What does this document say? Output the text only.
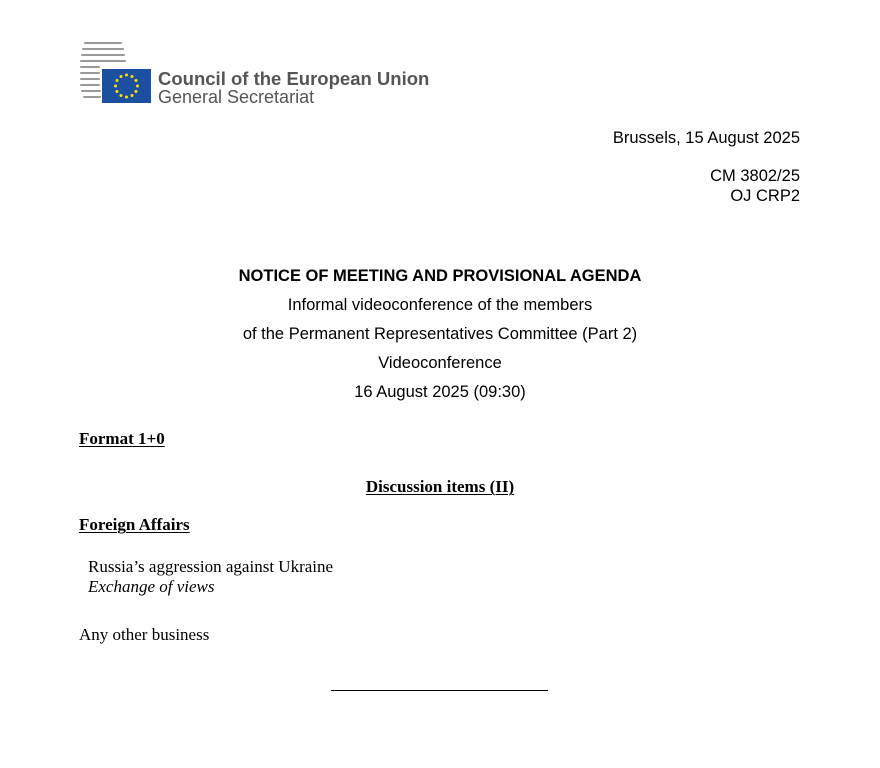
Council of the European Union
General Secretariat
Brussels, 15 August 2025
CM 3802/25
OJ CRP2
NOTICE OF MEETING AND PROVISIONAL AGENDA
Informal videoconference of the members
of the Permanent Representatives Committee (Part 2)
Videoconference
16 August 2025 (09:30)
Format 1+0
Discussion items (II)
Foreign Affairs
Russia’s aggression against Ukraine
Exchange of views
Any other business
